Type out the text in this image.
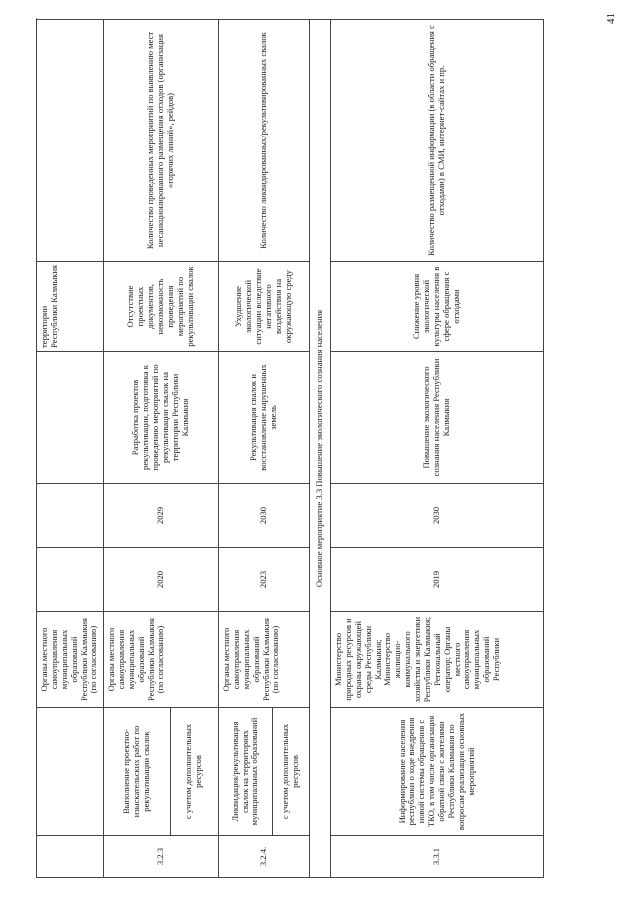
41
		Органы местного самоуправления муниципальных образований Республики Калмыкия (по согласованию)				территории Республики Калмыкия	
3.2.3	Выполнение проектно-изыскательских работ по рекультивации свалок с учетом дополнительных ресурсов	Органы местного самоуправления муниципальных образований Республики Калмыкия (по согласованию)	2020	2029	Разработка проектов рекультивации, подготовка к проведению мероприятий по рекультивации свалок на территории Республики Калмыкия	Отсутствие проектных документов, невозможность проведения мероприятий по рекультивации свалок	Количество проведенных мероприятий по выявлению мест несанкционированного размещения отходов (организация «горячих линий», рейдов)
3.2.4.	Ликвидация/рекультивация свалок на территориях муниципальных образований с учетом дополнительных ресурсов	Органы местного самоуправления муниципальных образований Республики Калмыкия (по согласованию)	2023	2030	Рекультивация свалок и восстановление нарушенных земель	Ухудшение экологической ситуации вследствие негативного воздействия на окружающую среду	Количество ликвидированных/рекультивированных свалок
Основное мероприятие 3.3 Повышение экологического сознания населения							
3.3.1	Информирование населения республики о ходе внедрения новой системы обращения с ТКО, в том числе организация обратной связи с жителями Республики Калмыкия по вопросам реализации основных мероприятий	Министерство природных ресурсов и охраны окружающей среды Республики Калмыкия; Министерство жилищно-коммунального хозяйства и энергетики Республики Калмыкия; Региональный оператор; Органы местного самоуправления муниципальных образований Республики	2019	2030	Повышение экологического сознания населения Республики Калмыкия	Снижение уровня экологической культуры населения в сфере обращения с отходами	Количество размещенной информации (в области обращения с отходами) в СМИ, интернет-сайтах и пр.
